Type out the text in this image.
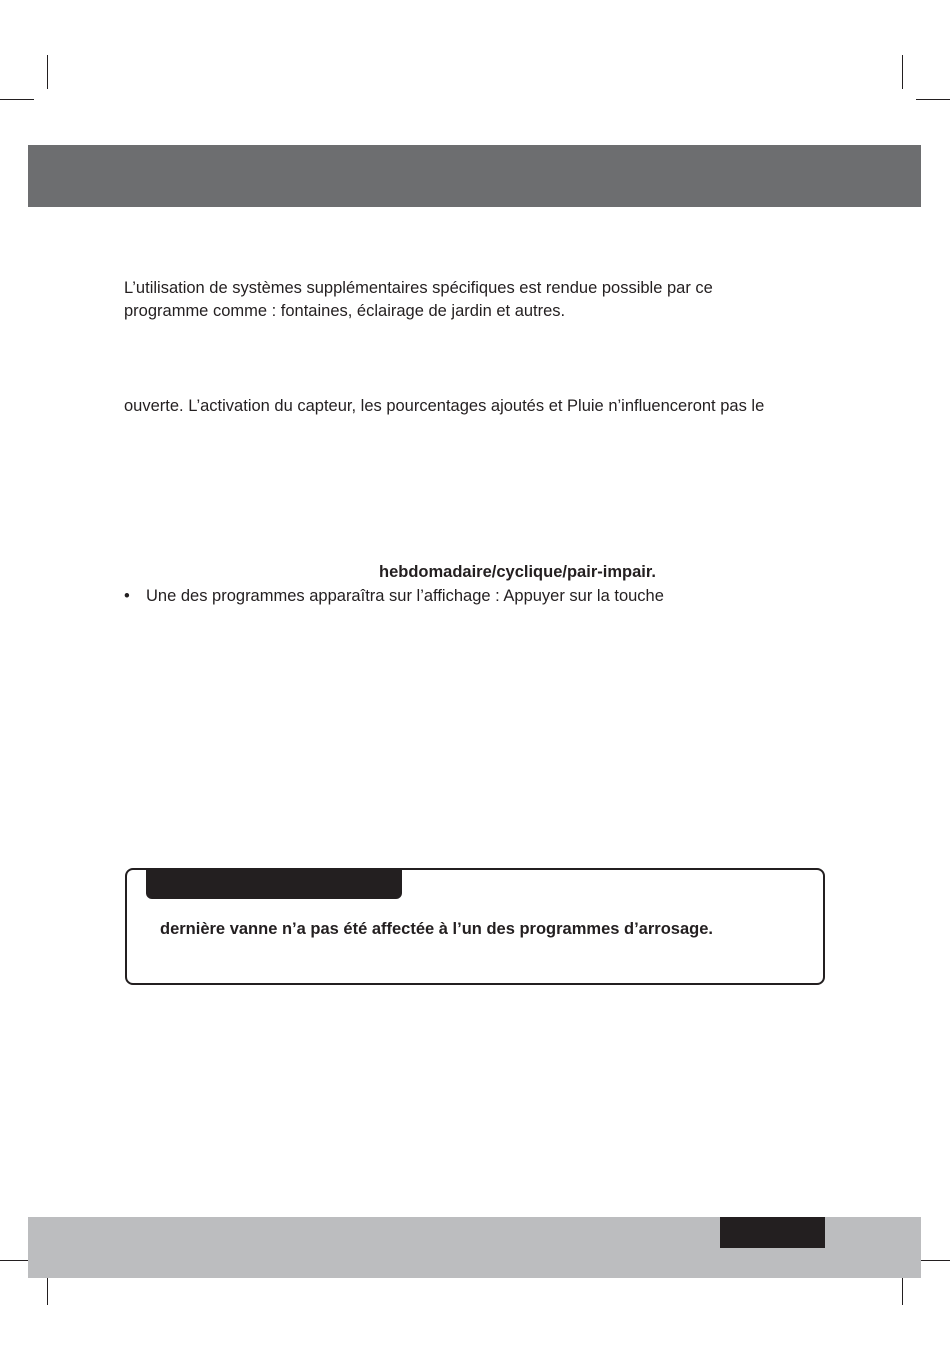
L’utilisation de systèmes supplémentaires spécifiques est rendue possible par ce
programme comme : fontaines, éclairage de jardin et autres.
ouverte. L’activation du capteur, les pourcentages ajoutés et Pluie n’influenceront pas le
hebdomadaire/cyclique/pair-impair.
• Une des programmes apparaîtra sur l’affichage : Appuyer sur la touche
dernière vanne n’a pas été affectée à l’un des programmes d’arrosage.
